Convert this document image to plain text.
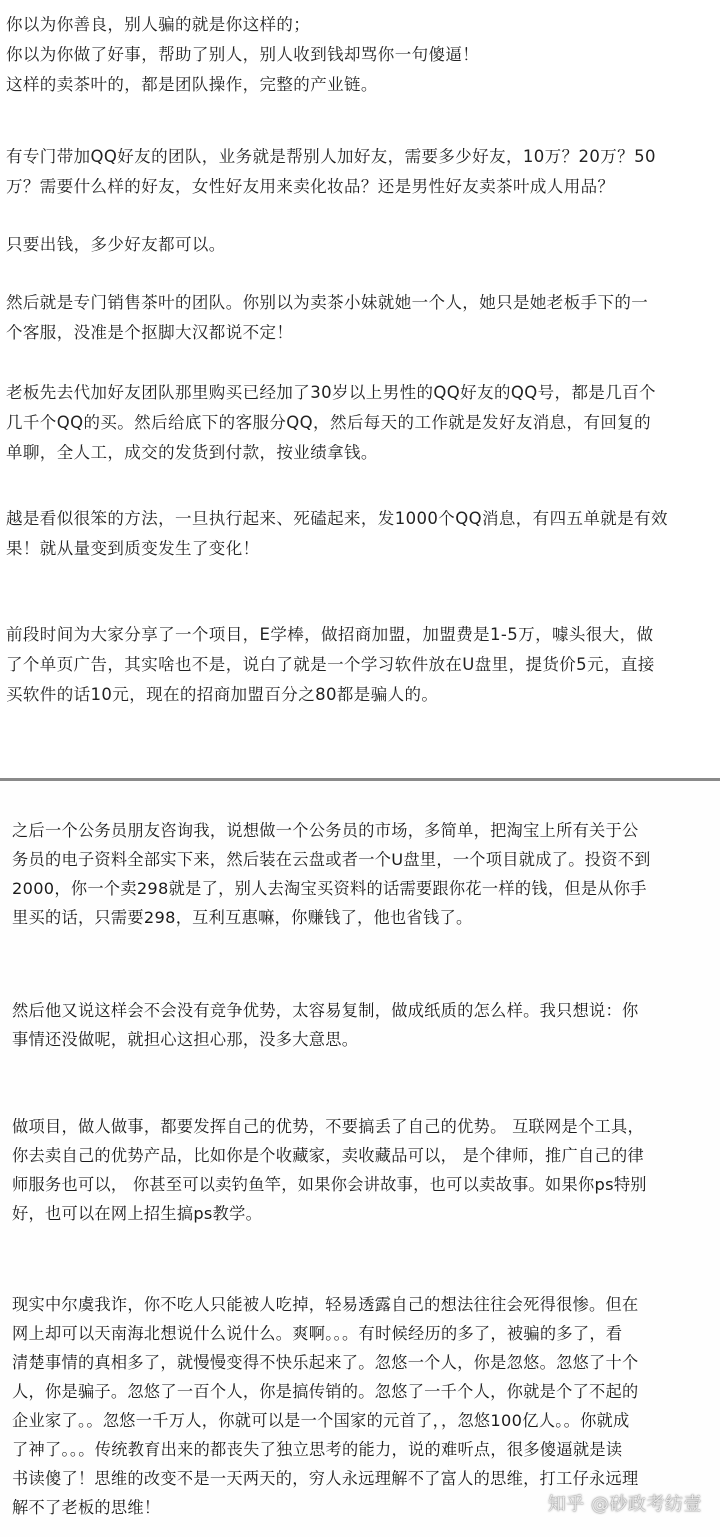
你以为你善良，别人骗的就是你这样的；
你以为你做了好事，帮助了别人，别人收到钱却骂你一句傻逼！
这样的卖茶叶的，都是团队操作，完整的产业链。
有专门带加QQ好友的团队，业务就是帮别人加好友，需要多少好友，10万？20万？50
万？需要什么样的好友，女性好友用来卖化妆品？还是男性好友卖茶叶成人用品？
只要出钱，多少好友都可以。
然后就是专门销售茶叶的团队。你别以为卖茶小妹就她一个人，她只是她老板手下的一
个客服，没准是个抠脚大汉都说不定！
老板先去代加好友团队那里购买已经加了30岁以上男性的QQ好友的QQ号，都是几百个
几千个QQ的买。然后给底下的客服分QQ，然后每天的工作就是发好友消息，有回复的
单聊，全人工，成交的发货到付款，按业绩拿钱。
越是看似很笨的方法，一旦执行起来、死磕起来，发1000个QQ消息，有四五单就是有效
果！就从量变到质变发生了变化！
前段时间为大家分享了一个项目，E学棒，做招商加盟，加盟费是1-5万，噱头很大，做
了个单页广告，其实啥也不是，说白了就是一个学习软件放在U盘里，提货价5元，直接
买软件的话10元，现在的招商加盟百分之80都是骗人的。
之后一个公务员朋友咨询我，说想做一个公务员的市场，多简单，把淘宝上所有关于公
务员的电子资料全部实下来，然后装在云盘或者一个U盘里，一个项目就成了。投资不到
2000，你一个卖298就是了，别人去淘宝买资料的话需要跟你花一样的钱，但是从你手
里买的话，只需要298，互利互惠嘛，你赚钱了，他也省钱了。
然后他又说这样会不会没有竞争优势，太容易复制，做成纸质的怎么样。我只想说：你
事情还没做呢，就担心这担心那，没多大意思。
做项目，做人做事，都要发挥自己的优势，不要搞丢了自己的优势。 互联网是个工具，
你去卖自己的优势产品，比如你是个收藏家，卖收藏品可以， 是个律师，推广自己的律
师服务也可以， 你甚至可以卖钓鱼竿，如果你会讲故事，也可以卖故事。如果你ps特别
好，也可以在网上招生搞ps教学。
现实中尔虞我诈，你不吃人只能被人吃掉，轻易透露自己的想法往往会死得很惨。但在
网上却可以天南海北想说什么说什么。爽啊。。。有时候经历的多了，被骗的多了，看
清楚事情的真相多了，就慢慢变得不快乐起来了。忽悠一个人，你是忽悠。忽悠了十个
人，你是骗子。忽悠了一百个人，你是搞传销的。忽悠了一千个人，你就是个了不起的
企业家了。。忽悠一千万人，你就可以是一个国家的元首了，，忽悠100亿人。。你就成
了神了。。。传统教育出来的都丧失了独立思考的能力，说的难听点，很多傻逼就是读
书读傻了！思维的改变不是一天两天的，穷人永远理解不了富人的思维，打工仔永远理
解不了老板的思维！	知乎 @砂政考纺壹
